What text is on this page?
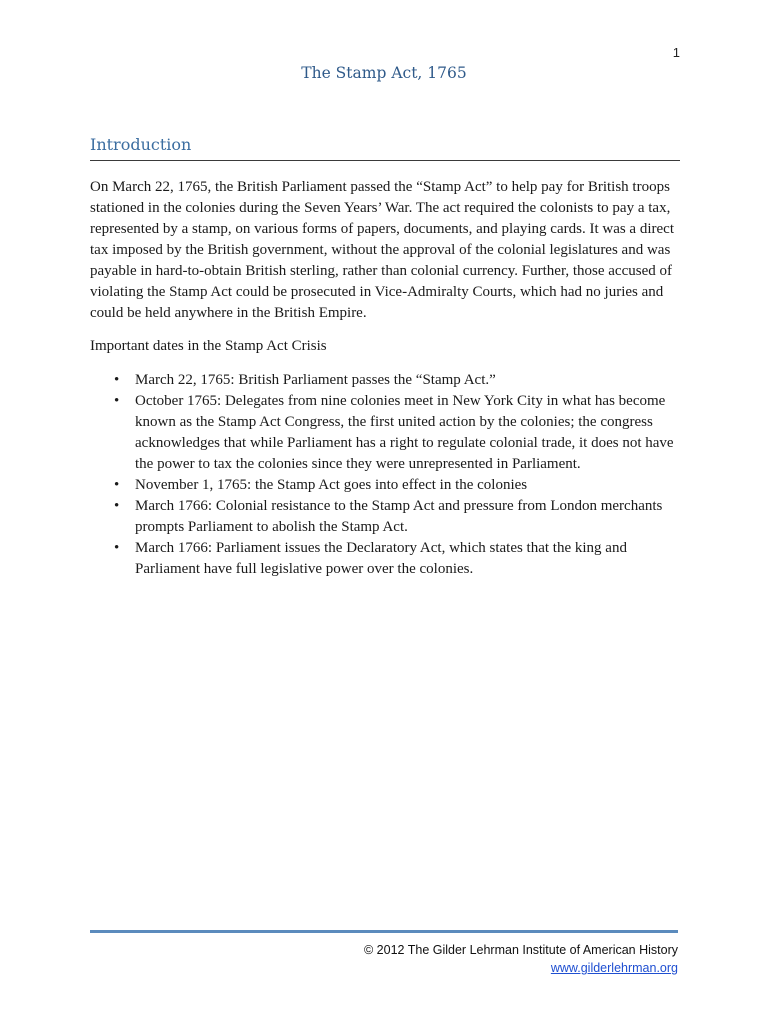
1
The Stamp Act, 1765
Introduction

On March 22, 1765, the British Parliament passed the “Stamp Act” to help pay for British troops stationed in the colonies during the Seven Years’ War. The act required the colonists to pay a tax, represented by a stamp, on various forms of papers, documents, and playing cards. It was a direct tax imposed by the British government, without the approval of the colonial legislatures and was payable in hard-to-obtain British sterling, rather than colonial currency. Further, those accused of violating the Stamp Act could be prosecuted in Vice-Admiralty Courts, which had no juries and could be held anywhere in the British Empire.

Important dates in the Stamp Act Crisis

• March 22, 1765: British Parliament passes the “Stamp Act.”
• October 1765: Delegates from nine colonies meet in New York City in what has become known as the Stamp Act Congress, the first united action by the colonies; the congress acknowledges that while Parliament has a right to regulate colonial trade, it does not have the power to tax the colonies since they were unrepresented in Parliament.
• November 1, 1765: the Stamp Act goes into effect in the colonies
• March 1766: Colonial resistance to the Stamp Act and pressure from London merchants prompts Parliament to abolish the Stamp Act.
• March 1766: Parliament issues the Declaratory Act, which states that the king and Parliament have full legislative power over the colonies.
© 2012 The Gilder Lehrman Institute of American History
www.gilderlehrman.org
